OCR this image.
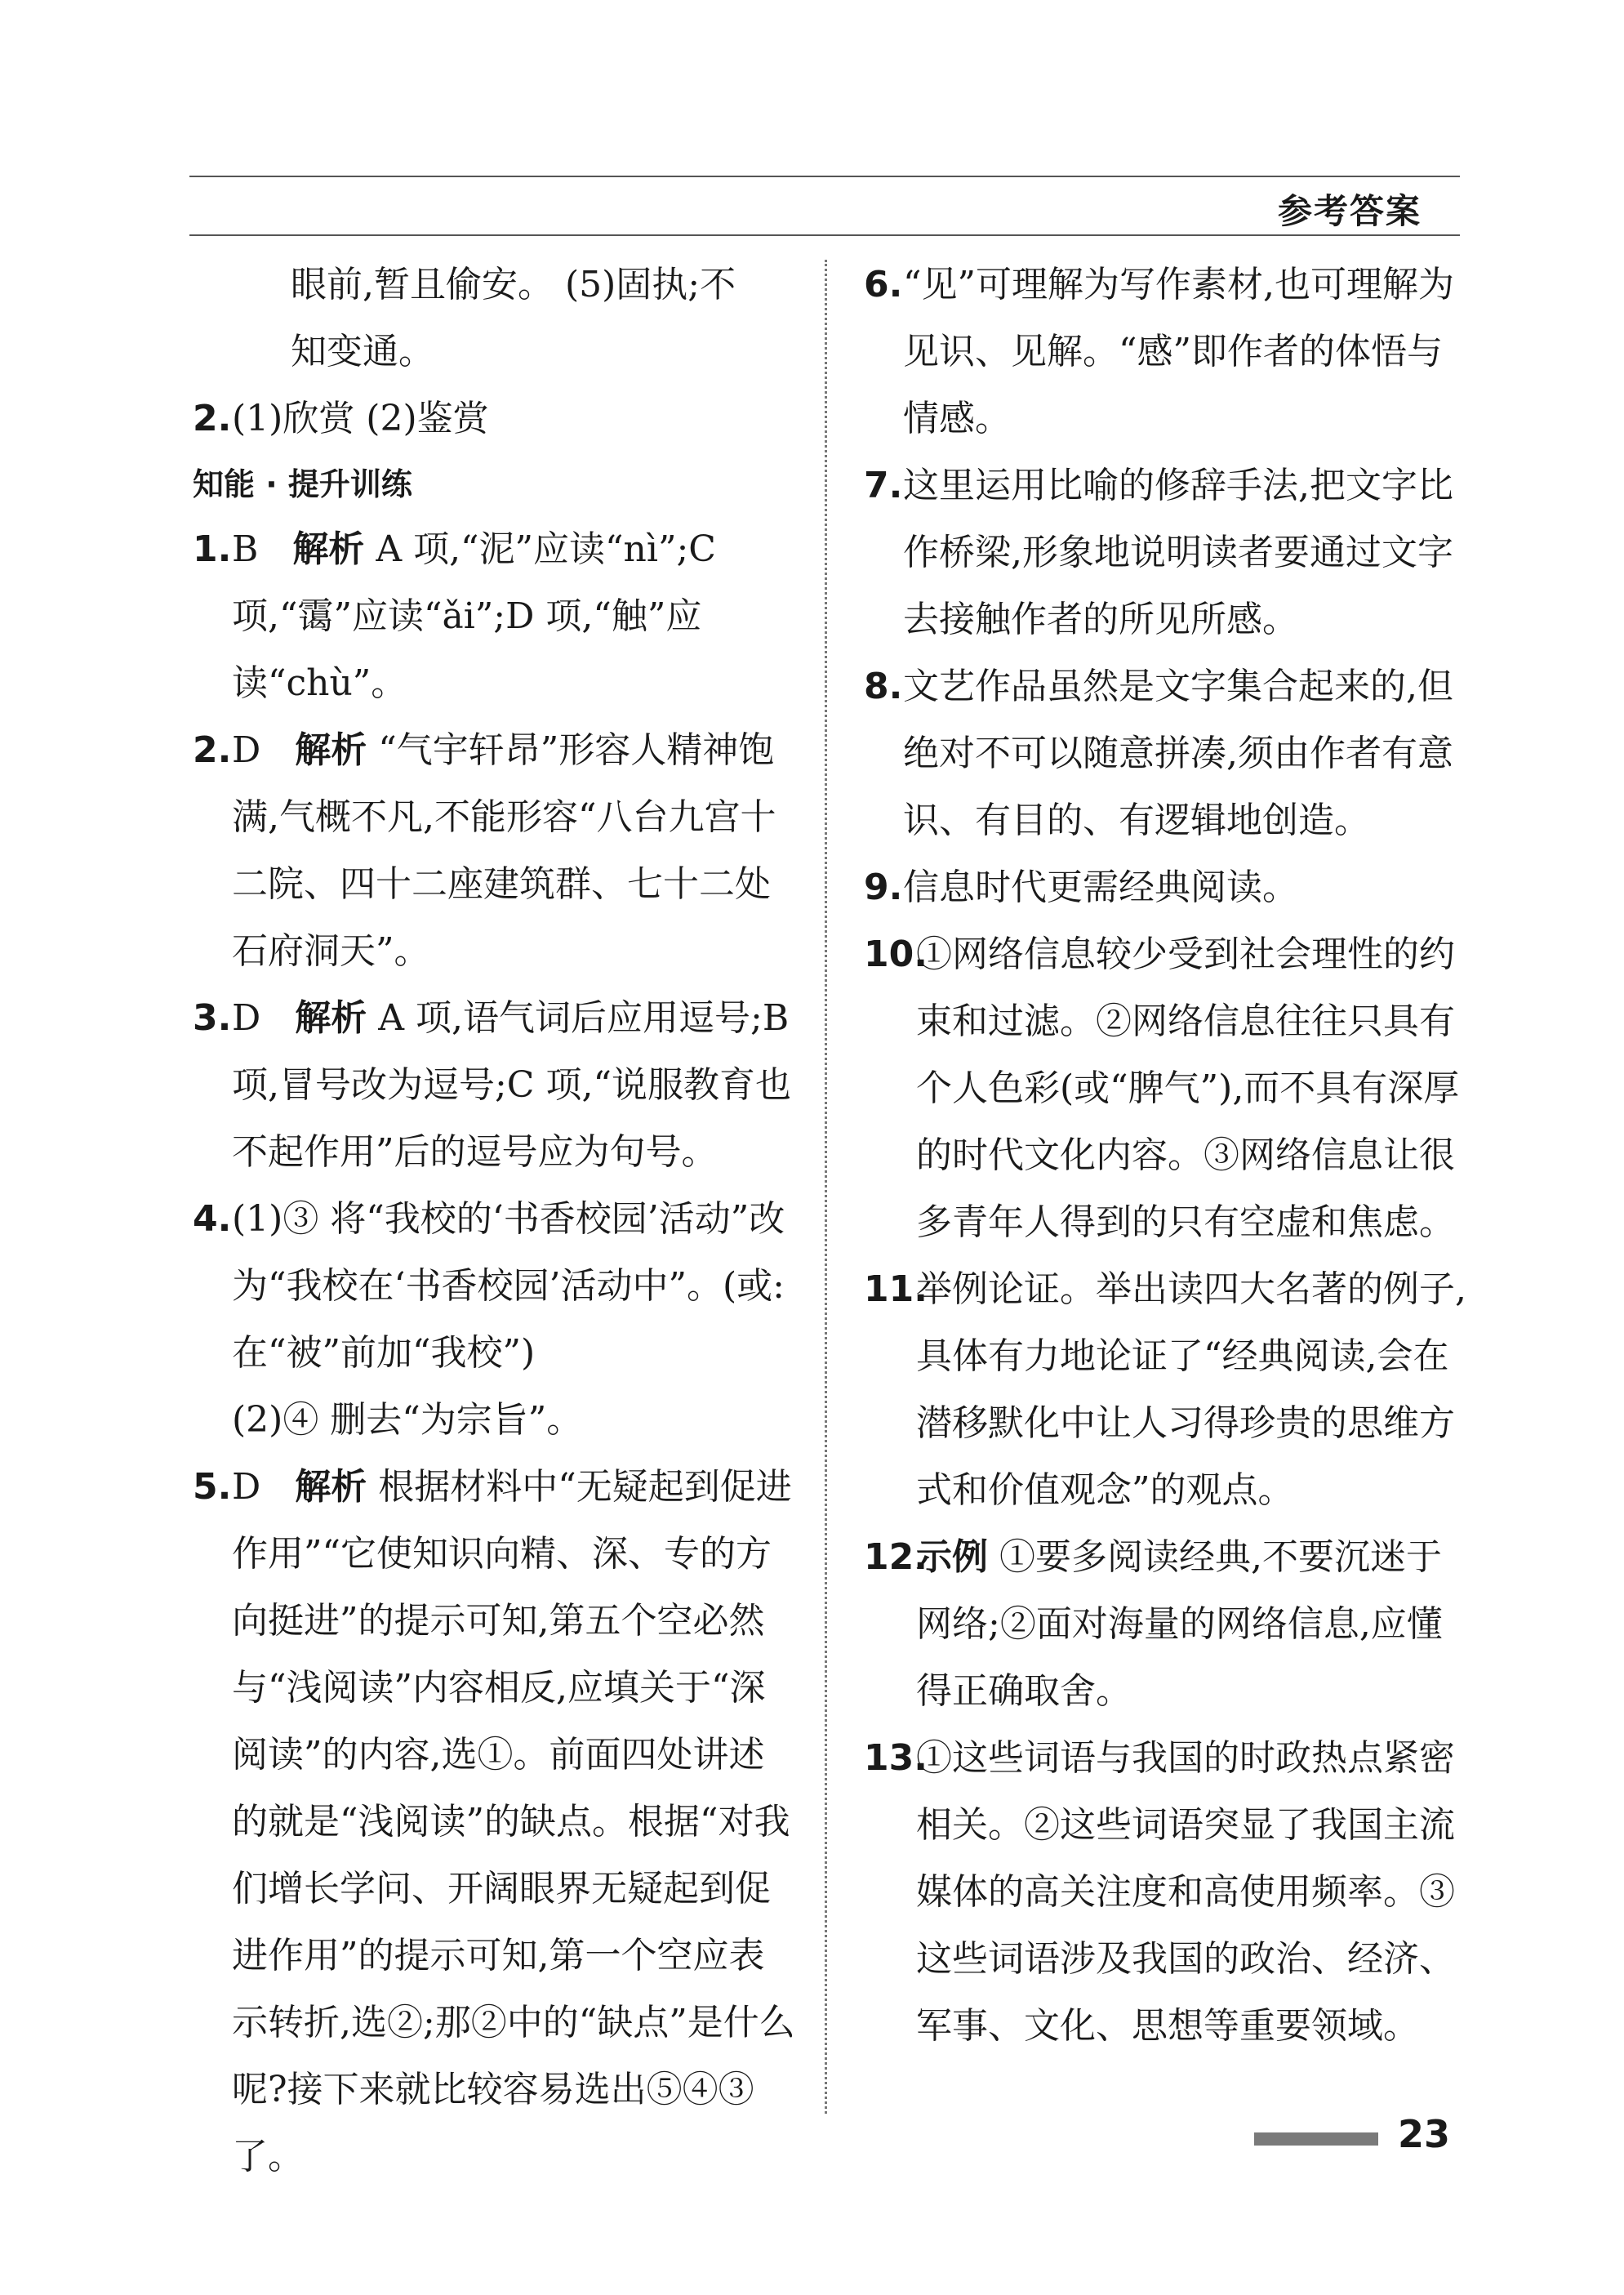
参考答案
眼前,暂且偷安。 (5)固执;不
知变通。
2. (1)欣赏 (2)鉴赏
知能 · 提升训练
1. B 解析 A 项,“泥”应读“nì”;C 项,“霭”应读“ǎi”;D 项,“触”应读“chù”。
2. D 解析 “气宇轩昂”形容人精神饱满,气概不凡,不能形容“八台九宫十二院、四十二座建筑群、七十二处石府洞天”。
3. D 解析 A 项,语气词后应用逗号;B 项,冒号改为逗号;C 项,“说服教育也不起作用”后的逗号应为句号。
4. (1)③ 将“我校的‘书香校园’活动”改为“我校在‘书香校园’活动中”。(或:在“被”前加“我校”)
(2)④ 删去“为宗旨”。
5. D 解析 根据材料中“无疑起到促进作用”“它使知识向精、深、专的方向挺进”的提示可知,第五个空必然与“浅阅读”内容相反,应填关于“深阅读”的内容,选①。前面四处讲述的就是“浅阅读”的缺点。根据“对我们增长学问、开阔眼界无疑起到促进作用”的提示可知,第一个空应表示转折,选②;那②中的“缺点”是什么呢?接下来就比较容易选出⑤④③了。
6. “见”可理解为写作素材,也可理解为见识、见解。“感”即作者的体悟与情感。
7. 这里运用比喻的修辞手法,把文字比作桥梁,形象地说明读者要通过文字去接触作者的所见所感。
8. 文艺作品虽然是文字集合起来的,但绝对不可以随意拼凑,须由作者有意识、有目的、有逻辑地创造。
9. 信息时代更需经典阅读。
10.
①网络信息较少受到社会理性的约束和过滤。②网络信息往往只具有个人色彩(或“脾气”),而不具有深厚的时代文化内容。③网络信息让很多青年人得到的只有空虚和焦虑。
11.
举例论证。举出读四大名著的例子,具体有力地论证了“经典阅读,会在潜移默化中让人习得珍贵的思维方式和价值观念”的观点。
12.
示例 ①要多阅读经典,不要沉迷于网络;②面对海量的网络信息,应懂得正确取舍。
13.
①这些词语与我国的时政热点紧密相关。②这些词语突显了我国主流媒体的高关注度和高使用频率。③这些词语涉及我国的政治、经济、军事、文化、思想等重要领域。
23
